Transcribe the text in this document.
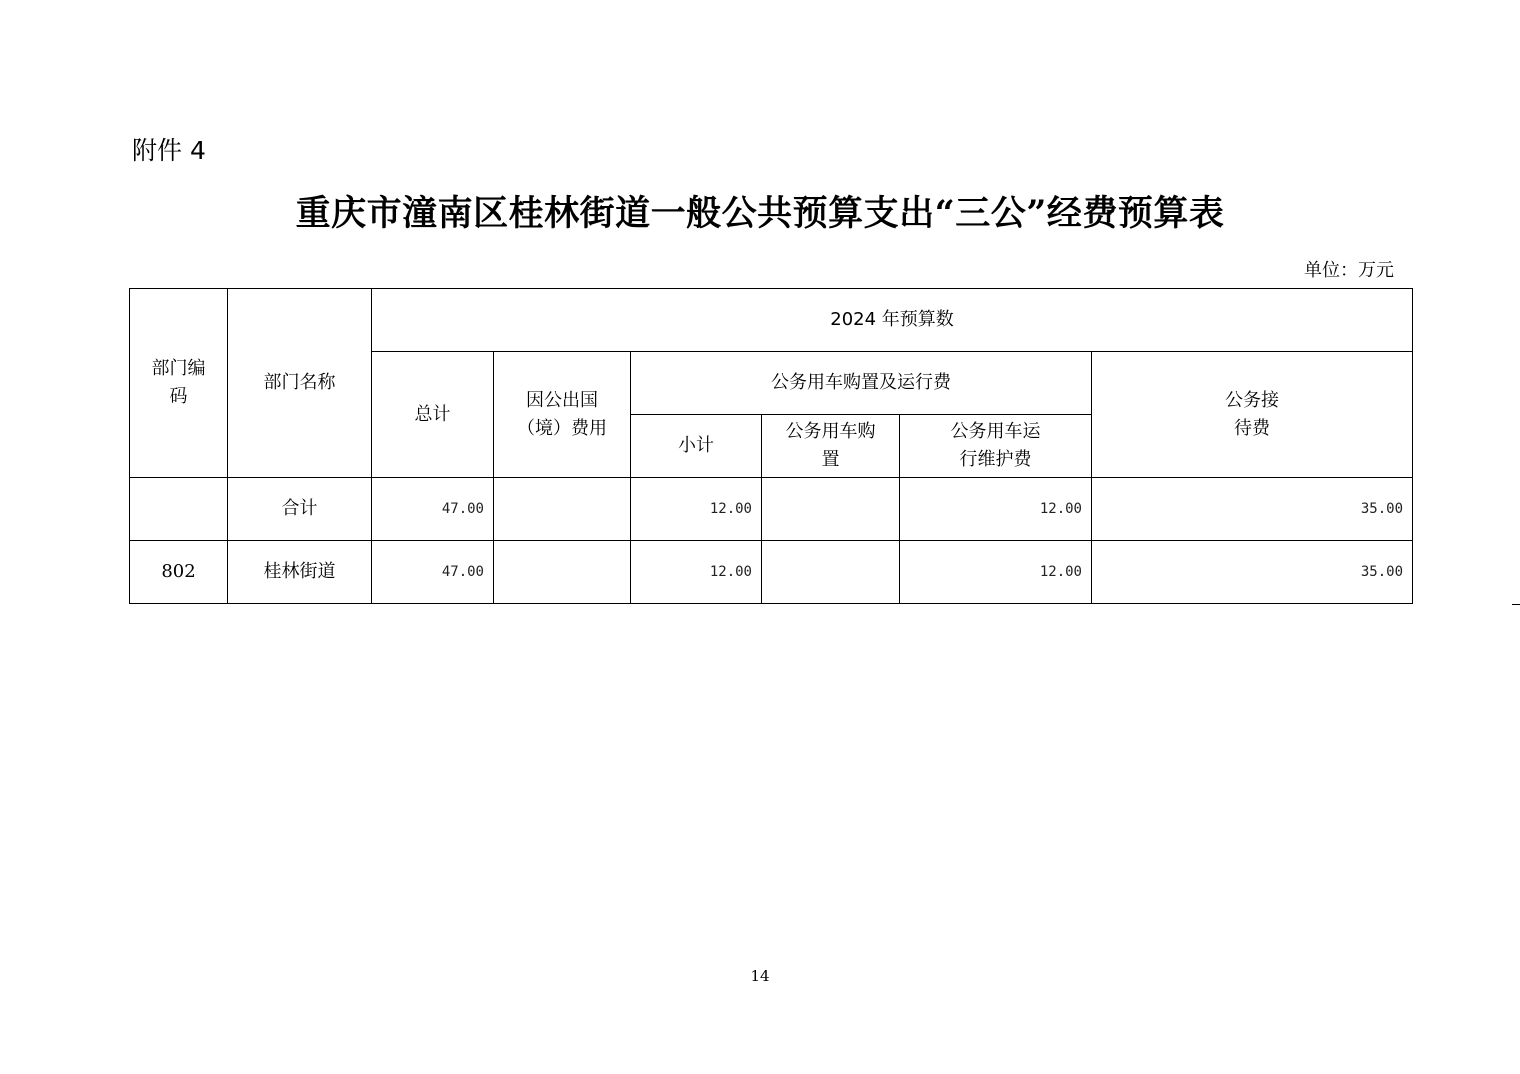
附件 4
重庆市潼南区桂林街道一般公共预算支出“三公”经费预算表
单位：万元
部门编码	部门名称	2024 年预算数					
		总计	因公出国（境）费用	公务用车购置及运行费			公务接待费

				小计	公务用车购置	公务用车运行维护费	

	合计	47.00		12.00		12.00	35.00
802	桂林街道	47.00		12.00		12.00	35.00
14
